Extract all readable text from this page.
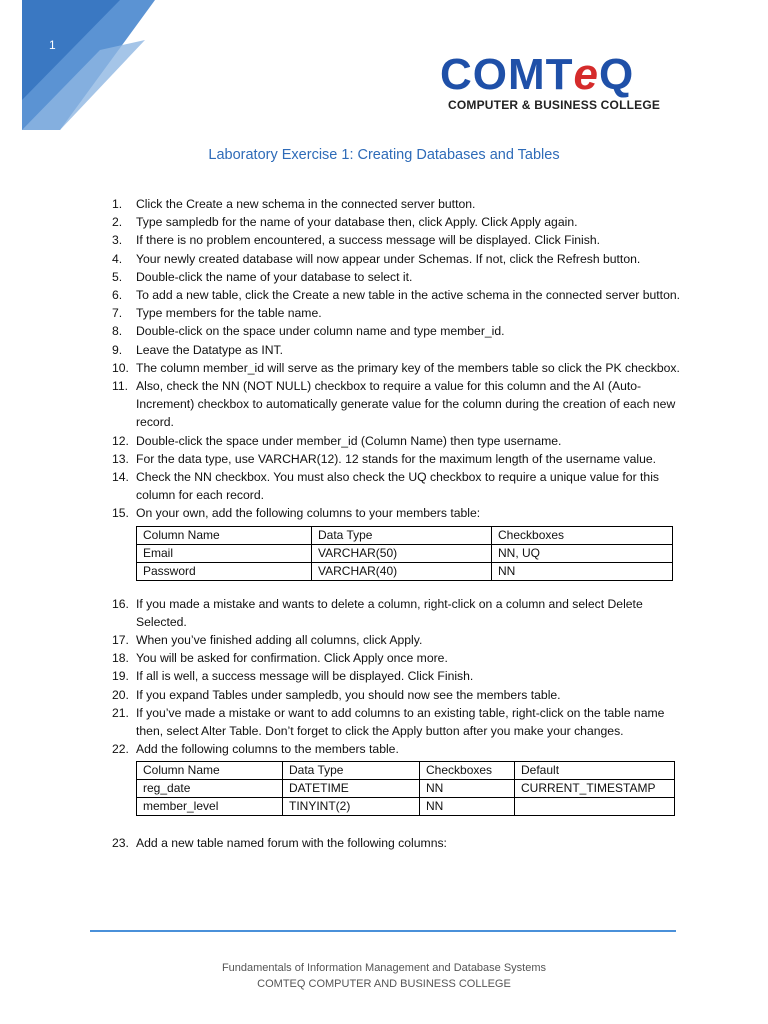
1
COMTeQ
COMPUTER & BUSINESS COLLEGE
Laboratory Exercise 1: Creating Databases and Tables
1. Click the Create a new schema in the connected server button.
2. Type sampledb for the name of your database then, click Apply. Click Apply again.
3. If there is no problem encountered, a success message will be displayed. Click Finish.
4. Your newly created database will now appear under Schemas. If not, click the Refresh button.
5. Double-click the name of your database to select it.
6. To add a new table, click the Create a new table in the active schema in the connected server button.
7. Type members for the table name.
8. Double-click on the space under column name and type member_id.
9. Leave the Datatype as INT.
10. The column member_id will serve as the primary key of the members table so click the PK checkbox.
11. Also, check the NN (NOT NULL) checkbox to require a value for this column and the AI (Auto-Increment) checkbox to automatically generate value for the column during the creation of each new record.
12. Double-click the space under member_id (Column Name) then type username.
13. For the data type, use VARCHAR(12). 12 stands for the maximum length of the username value.
14. Check the NN checkbox. You must also check the UQ checkbox to require a unique value for this column for each record.
15. On your own, add the following columns to your members table:
Column Name	Data Type	Checkboxes
Email	VARCHAR(50)	NN, UQ
Password	VARCHAR(40)	NN
16. If you made a mistake and wants to delete a column, right-click on a column and select Delete Selected.
17. When you’ve finished adding all columns, click Apply.
18. You will be asked for confirmation. Click Apply once more.
19. If all is well, a success message will be displayed. Click Finish.
20. If you expand Tables under sampledb, you should now see the members table.
21. If you’ve made a mistake or want to add columns to an existing table, right-click on the table name then, select Alter Table. Don’t forget to click the Apply button after you make your changes.
22. Add the following columns to the members table.
Column Name	Data Type	Checkboxes	Default
reg_date	DATETIME	NN	CURRENT_TIMESTAMP
member_level	TINYINT(2)	NN	
23. Add a new table named forum with the following columns:
Fundamentals of Information Management and Database Systems
COMTEQ COMPUTER AND BUSINESS COLLEGE
